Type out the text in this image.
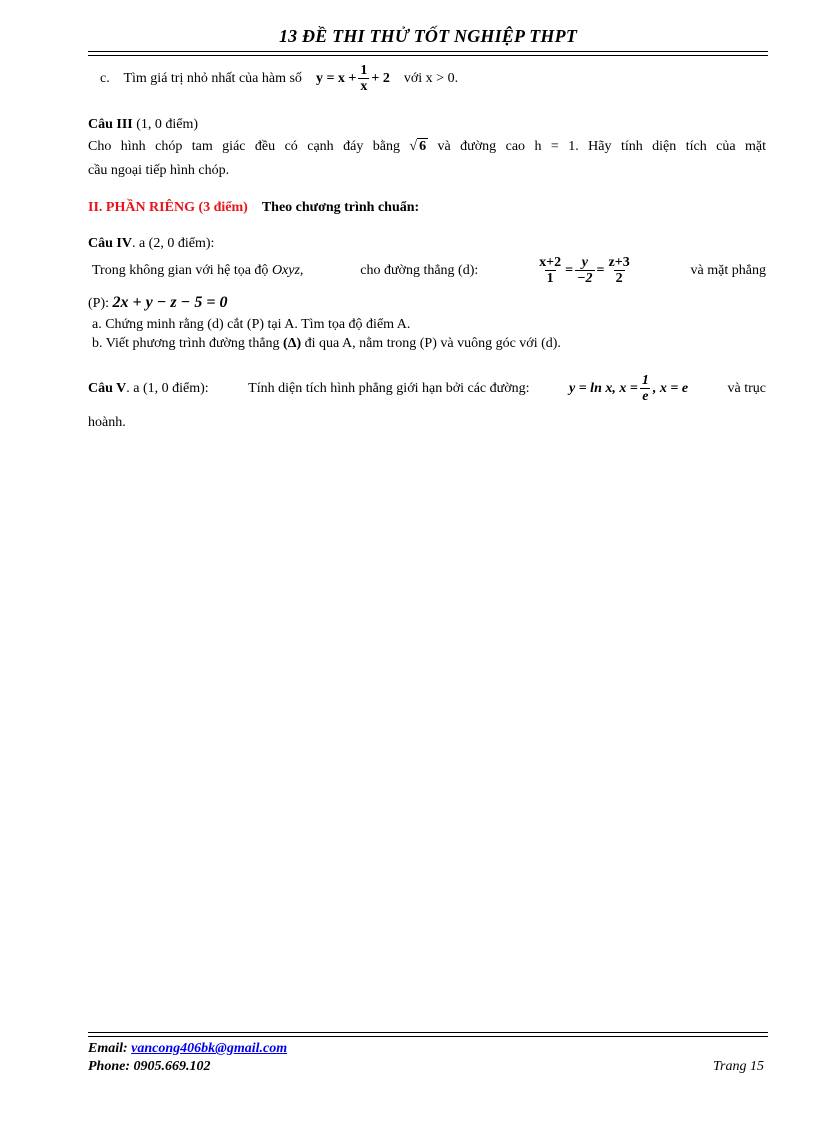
13 ĐỀ THI THỬ TỐT NGHIỆP THPT
c. Tìm giá trị nhỏ nhất của hàm số $y = x + \frac{1}{x} + 2$ với x > 0.
Câu III (1, 0 điểm)
Cho hình chóp tam giác đều có cạnh đáy bằng √ 6 và đường cao h = 1. Hãy tính diện tích của mặt
cầu ngoại tiếp hình chóp.
II. PHẦN RIÊNG (3 điểm) Theo chương trình chuẩn:
Câu IV. a (2, 0 điểm):
Trong không gian với hệ tọa độ Oxyz,	cho đường thẳng (d):	$\frac{x+2}{1} = \frac{y}{-2} = \frac{z+3}{2}$	và mặt phẳng
(P): 2x + y − z − 5 = 0
a. Chứng minh rằng (d) cắt (P) tại A. Tìm tọa độ điểm A.
b. Viết phương trình đường thẳng (Δ) đi qua A, nằm trong (P) và vuông góc với (d).
Câu V. a (1, 0 điểm):	Tính diện tích hình phẳng giới hạn bởi các đường:	y = ln x, $x = \frac{1}{e}$ , x = e	và trục
hoành.
Email: vancong406bk@gmail.com
Phone: 0905.669.102	Trang 15
